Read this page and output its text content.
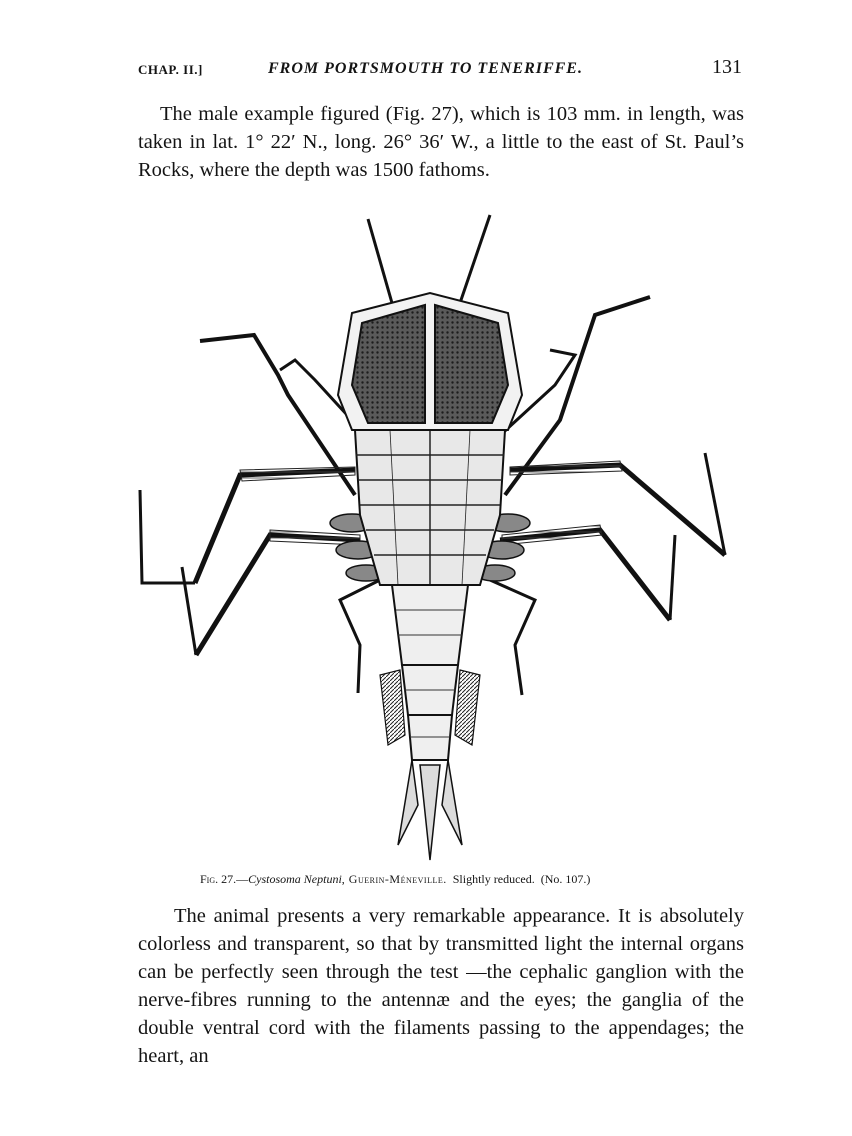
CHAP. II.]	FROM PORTSMOUTH TO TENERIFFE.	131

The male example figured (Fig. 27), which is 103 mm. in length, was taken in lat. 1° 22′ N., long. 26° 36′ W., a little to the east of St. Paul’s Rocks, where the depth was 1500 fathoms.

Fig. 27.—Cystosoma Neptuni, Guerin-Méneville. Slightly reduced. (No. 107.)

The animal presents a very remarkable appearance. It is absolutely colorless and transparent, so that by transmitted light the internal organs can be perfectly seen through the test —the cephalic ganglion with the nerve-fibres running to the antennæ and the eyes; the ganglia of the double ventral cord with the filaments passing to the appendages; the heart, an
